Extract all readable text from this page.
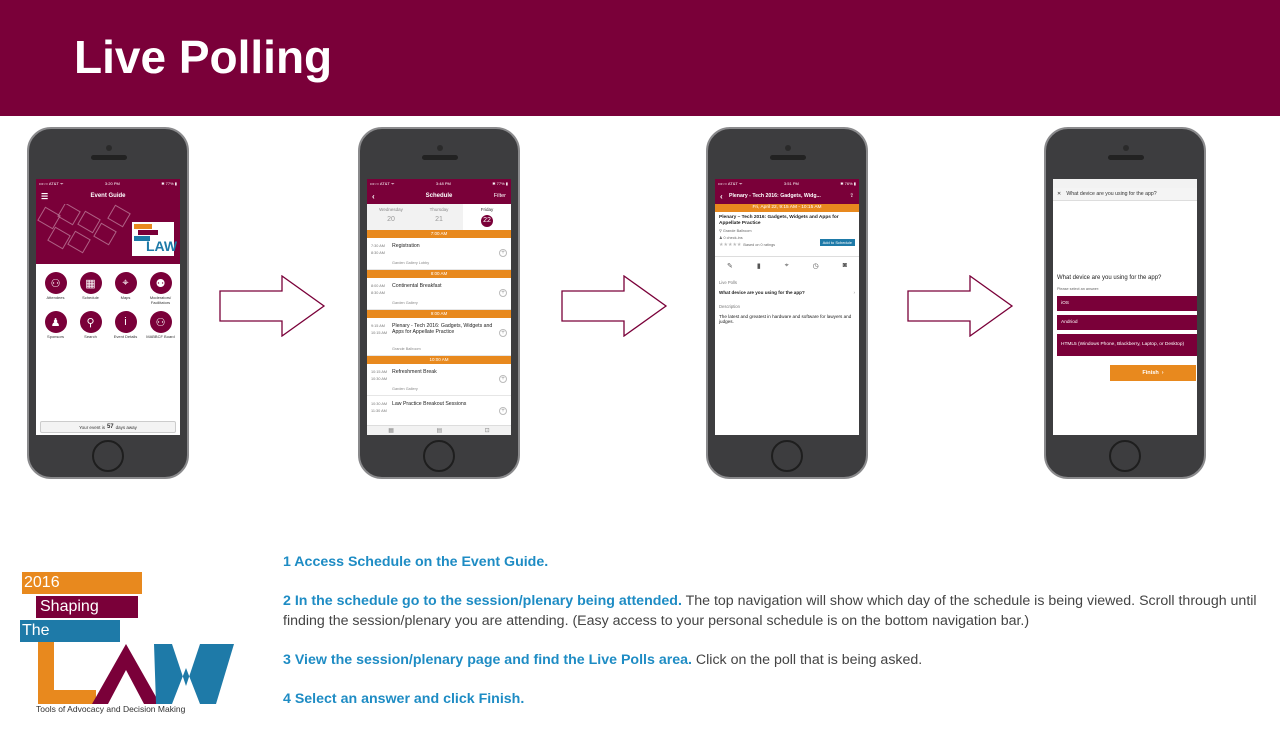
Live Polling
•••○○ AT&T ᯤ	3:20 PM	✱ 77% ▮
☰	Event Guide
LAW
⚇
Attendees
▦
Schedule
⌖
Maps
⚉
Moderators/ Facilitators
♟
Sponsors
⚲
Search
i
Event Details
⚇
MABBCF Board
Your event is 57 days away
•••○○ AT&T ᯤ	3:48 PM	✱ 77% ▮
‹	Schedule	Filter
Wednesday
20
Thursday
21
Friday
22
7:00 AM
7:30 AM
8:30 AM
Registration
Garden Gallery Lobby
+
8:00 AM
8:00 AM
8:30 AM
Continental Breakfast
Garden Gallery
+
9:00 AM
9:15 AM
10:15 AM
Plenary - Tech 2016: Gadgets, Widgets and Apps for Appellate Practice
Grande Ballroom
+
10:00 AM
10:15 AM
10:30 AM
Refreshment Break
Garden Gallery
+
10:30 AM
11:30 AM
Law Practice Breakout Sessions
+
▦	▤	⊡
•••○○ AT&T ᯤ	3:51 PM	✱ 76% ▮
‹ Plenary - Tech 2016: Gadgets, Widg...	⇪
Fri, April 22, 9:15 AM - 10:15 AM
Plenary – Tech 2016: Gadgets, Widgets and Apps for Appellate Practice
⚲ Grande Ballroom
♟ 0 check-ins
★★★★★ Based on 0 ratings	Add to Schedule
✎	▮	⌖	◷	◙
Live Polls
What device are you using for the app?	›
Description
The latest and greatest in hardware and software for lawyers and judges.
✕ What device are you using for the app?
What device are you using for the app?
Please select an answer:
iOS
Andriod
HTML5 (Windows Phone, Blackberry, Laptop, or Desktop)
Finish ›
2016
Shaping
The
Tools of Advocacy and Decision Making

1 Access Schedule on the Event Guide.

2 In the schedule go to the session/plenary being attended. The top navigation will show which day of the schedule is being viewed. Scroll through until finding the session/plenary you are attending. (Easy access to your personal schedule is on the bottom navigation bar.)

3 View the session/plenary page and find the Live Polls area. Click on the poll that is being asked.

4 Select an answer and click Finish.
